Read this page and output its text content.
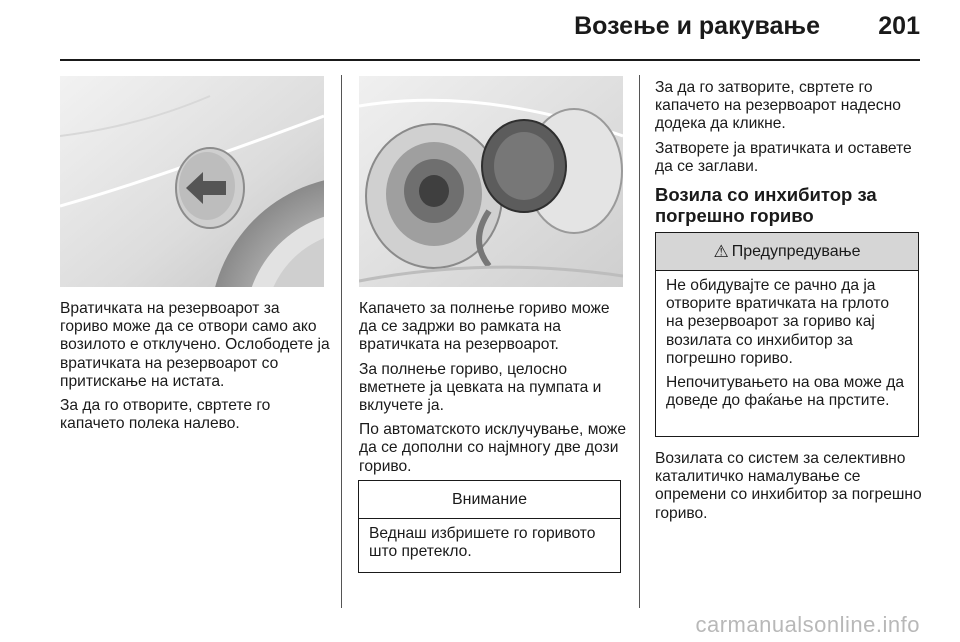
Возење и ракување	201

Вратичката на резервоарот за гориво може да се отвори само ако возилото е отклучено. Ослободете ја вратичката на резервоарот со притискање на истата.

За да го отворите, свртете го капачето полека налево.

Капачето за полнење гориво може да се задржи во рамката на вратичката на резервоарот.

За полнење гориво, целосно вметнете ја цевката на пумпата и вклучете ја.

По автоматското исклучување, може да се дополни со најмногу две дози гориво.

Внимание
Веднаш избришете го горивото што претекло.

За да го затворите, свртете го капачето на резервоарот надесно додека да кликне.

Затворете ја вратичката и оставете да се заглави.

Возила со инхибитор за погрешно гориво
⚠ Предупредување

Не обидувајте се рачно да ја отворите вратичката на грлото на резервоарот за гориво кај возилата со инхибитор за погрешно гориво.

Непочитувањето на ова може да доведе до фаќање на прстите.

Возилата со систем за селективно каталитичко намалување се опремени со инхибитор за погрешно гориво.

carmanualsonline.info
